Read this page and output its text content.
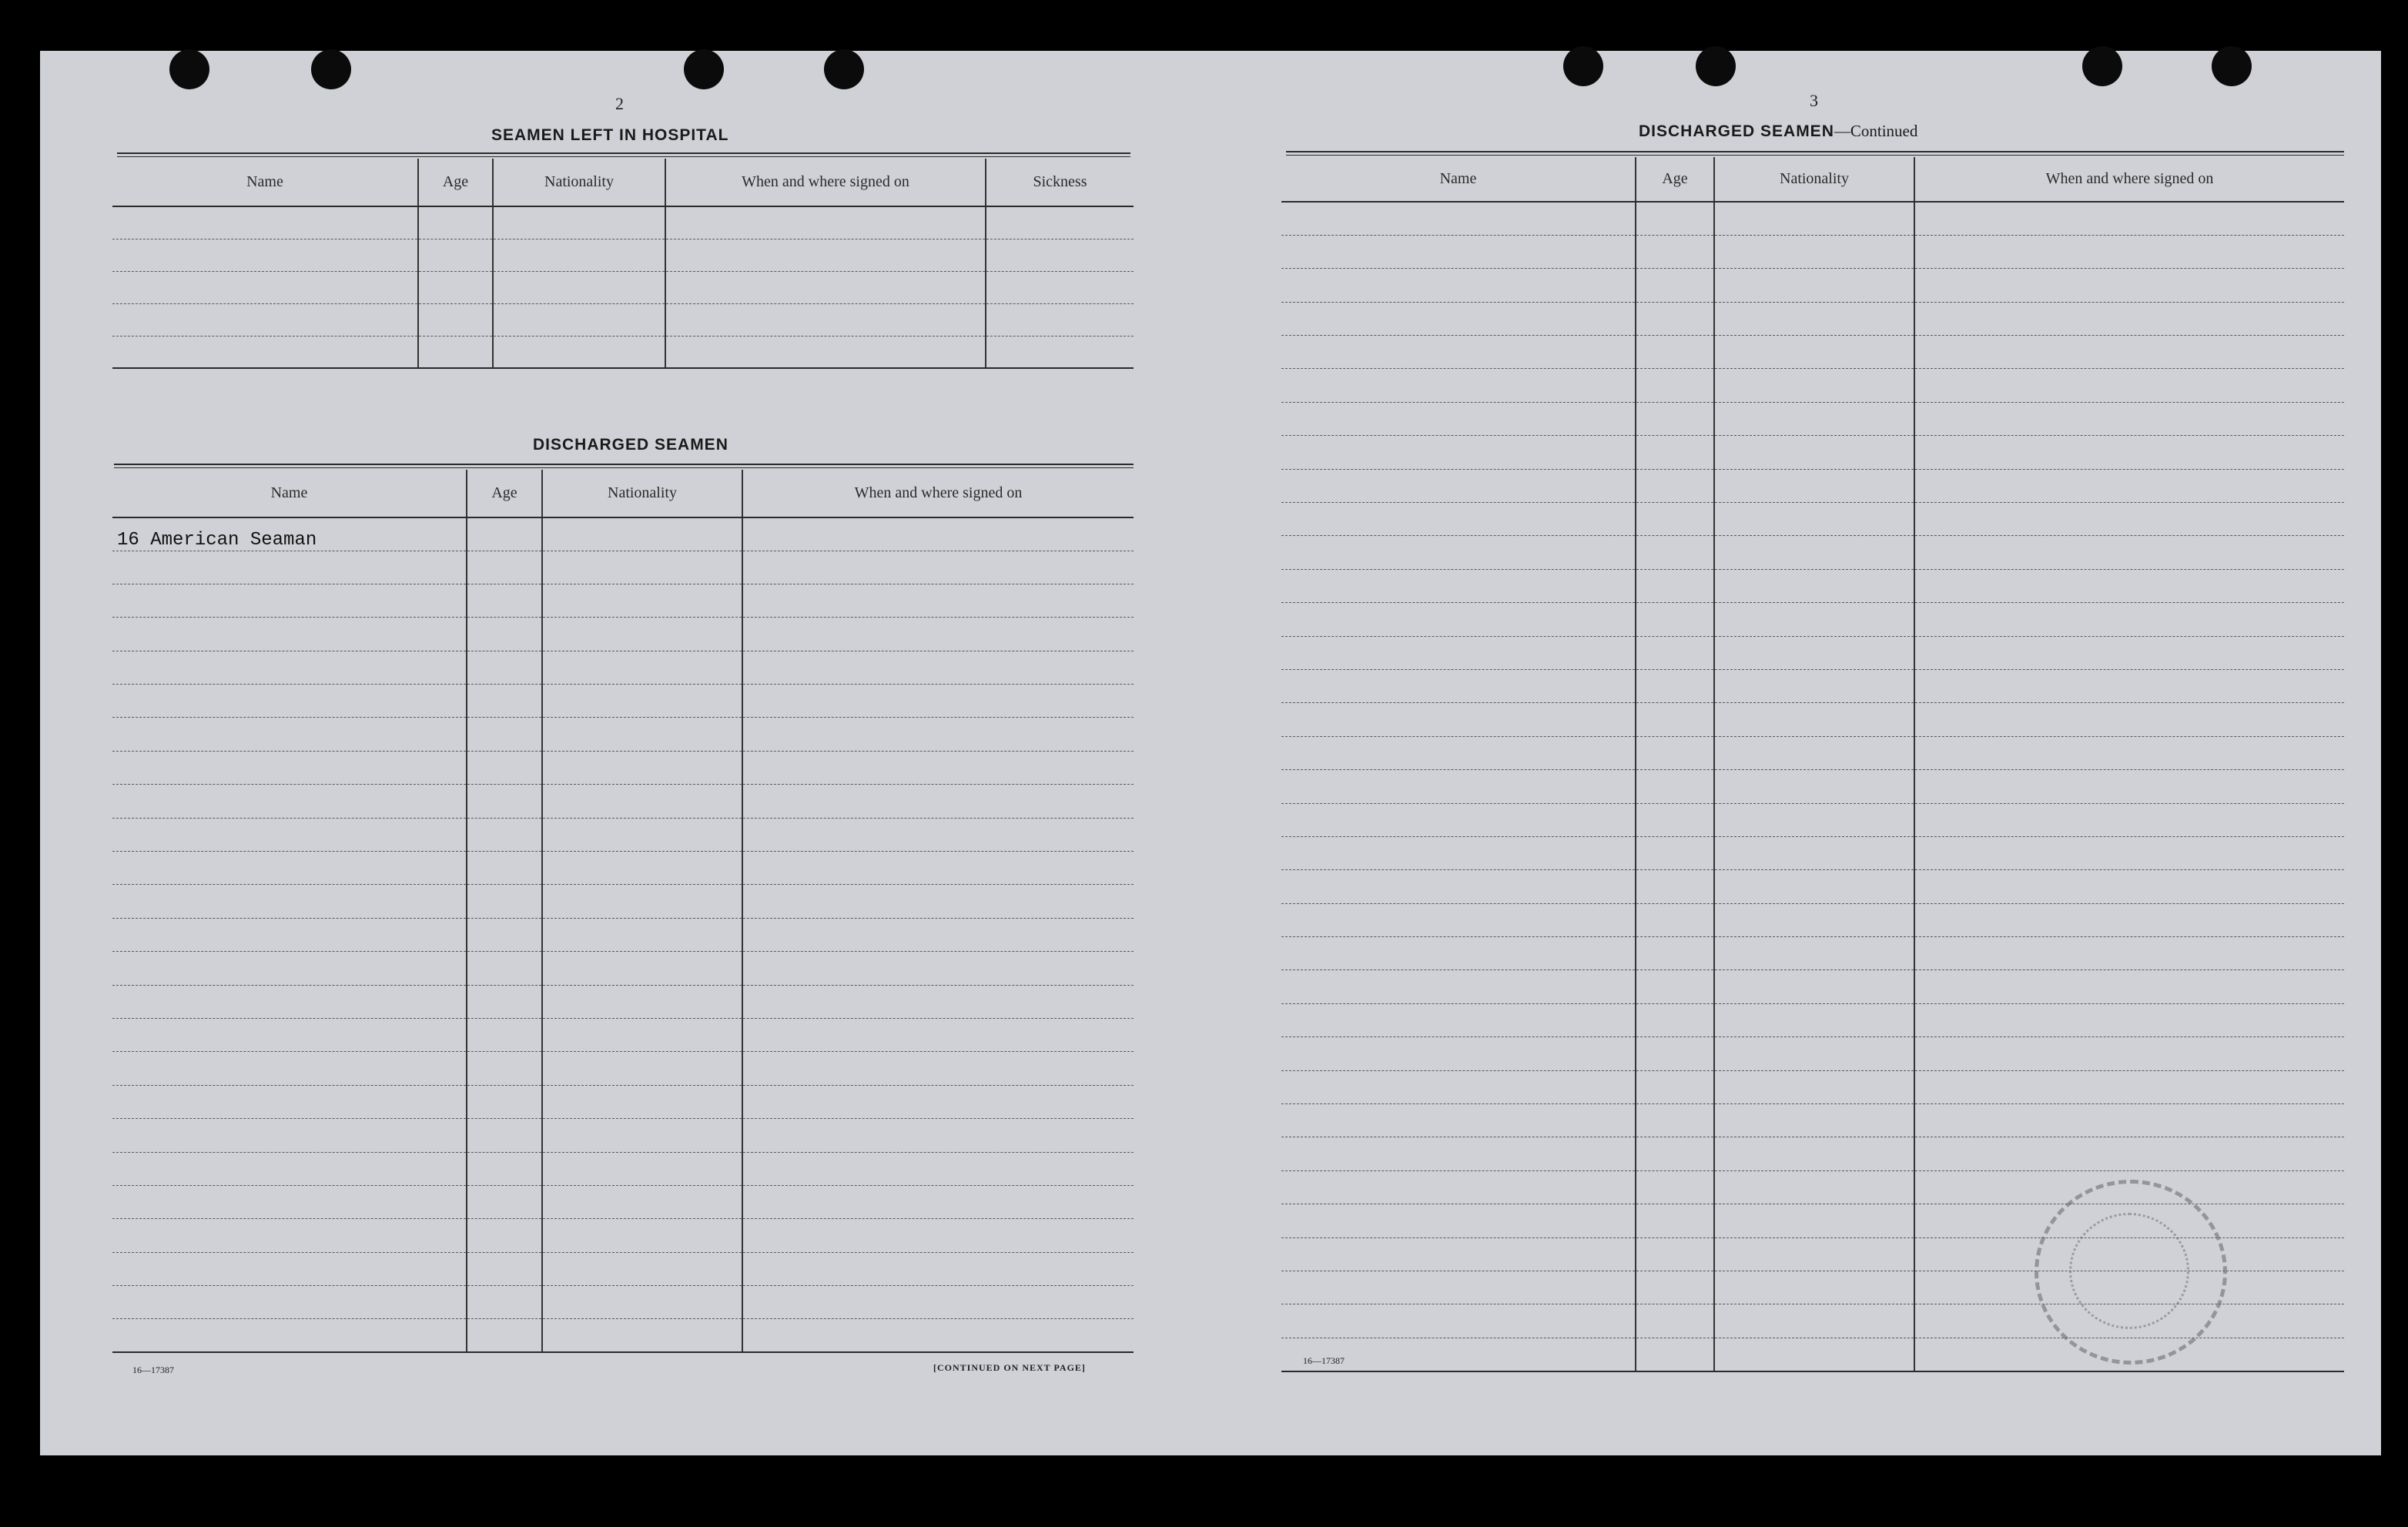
2
SEAMEN LEFT IN HOSPITAL
Name	Age	Nationality	When and where signed on	Sickness

DISCHARGED SEAMEN
Name	Age	Nationality	When and where signed on
16 American Seaman			

16—17387	[CONTINUED ON NEXT PAGE]
3
DISCHARGED SEAMEN—Continued
Name	Age	Nationality	When and where signed on

16—17387
